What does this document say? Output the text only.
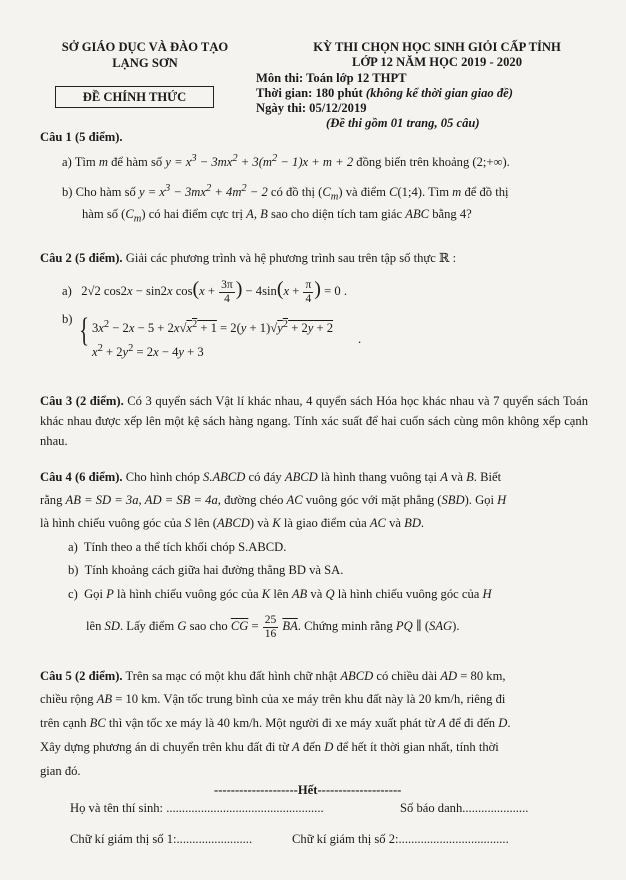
SỞ GIÁO DỤC VÀ ĐÀO TẠO
LẠNG SƠN
ĐỀ CHÍNH THỨC
KỲ THI CHỌN HỌC SINH GIỎI CẤP TỈNH
LỚP 12 NĂM HỌC 2019 - 2020
Môn thi: Toán lớp 12 THPT
Thời gian: 180 phút (không kể thời gian giao đề)
Ngày thi: 05/12/2019
(Đề thi gồm 01 trang, 05 câu)
Câu 1 (5 điểm).
a) Tìm m để hàm số $y = x^3 - 3mx^2 + 3(m^2 - 1)x + m + 2$ đồng biến trên khoảng (2;+∞).
b) Cho hàm số $y = x^3 - 3mx^2 + 4m^2 - 2$ có đồ thị $(C_m)$ và điểm C(1;4). Tìm m để đồ thị
hàm số $(C_m)$ có hai điểm cực trị A, B sao cho diện tích tam giác ABC bằng 4?
Câu 2 (5 điểm). Giải các phương trình và hệ phương trình sau trên tập số thực ℝ :
a)   2√2 cos2x − sin2x $\cos(x + \frac{3\pi}{4}$ ) − $4\sin(x + \frac{\pi}{4}$ ) = 0 .
b) { $3x^2 - 2x - 5 + 2x√x^2 + 1 = 2(y + 1)√y^2 + 2y + 2$
$x^2 + 2y^2 = 2x - 4y + 3$
.
Câu 3 (2 điểm). Có 3 quyển sách Vật lí khác nhau, 4 quyển sách Hóa học khác nhau và 7 quyển sách Toán khác nhau được xếp lên một kệ sách hàng ngang. Tính xác suất để hai cuốn sách cùng môn không xếp cạnh nhau.
Câu 4 (6 điểm). Cho hình chóp S.ABCD có đáy ABCD là hình thang vuông tại A và B. Biết
rằng AB = SD = 3a, AD = SB = 4a, đường chéo AC vuông góc với mặt phẳng (SBD). Gọi H
là hình chiếu vuông góc của S lên (ABCD) và K là giao điểm của AC và BD.
a)  Tính theo a thể tích khối chóp S.ABCD.
b)  Tính khoảng cách giữa hai đường thẳng BD và SA.
c)  Gọi P là hình chiếu vuông góc của K lên AB và Q là hình chiếu vuông góc của H
lên SD. Lấy điểm G sao cho $\overline{CG} = \frac{25}{16} \overline{BA}$. Chứng minh rằng PQ ∥ (SAG).
Câu 5 (2 điểm). Trên sa mạc có một khu đất hình chữ nhật ABCD có chiều dài AD = 80 km,
chiều rộng AB = 10 km. Vận tốc trung bình của xe máy trên khu đất này là 20 km/h, riêng đi
trên cạnh BC thì vận tốc xe máy là 40 km/h. Một người đi xe máy xuất phát từ A để đi đến D.
Xây dựng phương án di chuyển trên khu đất đi từ A đến D để hết ít thời gian nhất, tính thời
gian đó.
--------------------Hết--------------------
Họ và tên thí sinh: ..................................................	Số báo danh.....................
Chữ kí giám thị số 1:........................	Chữ kí giám thị số 2:...................................
